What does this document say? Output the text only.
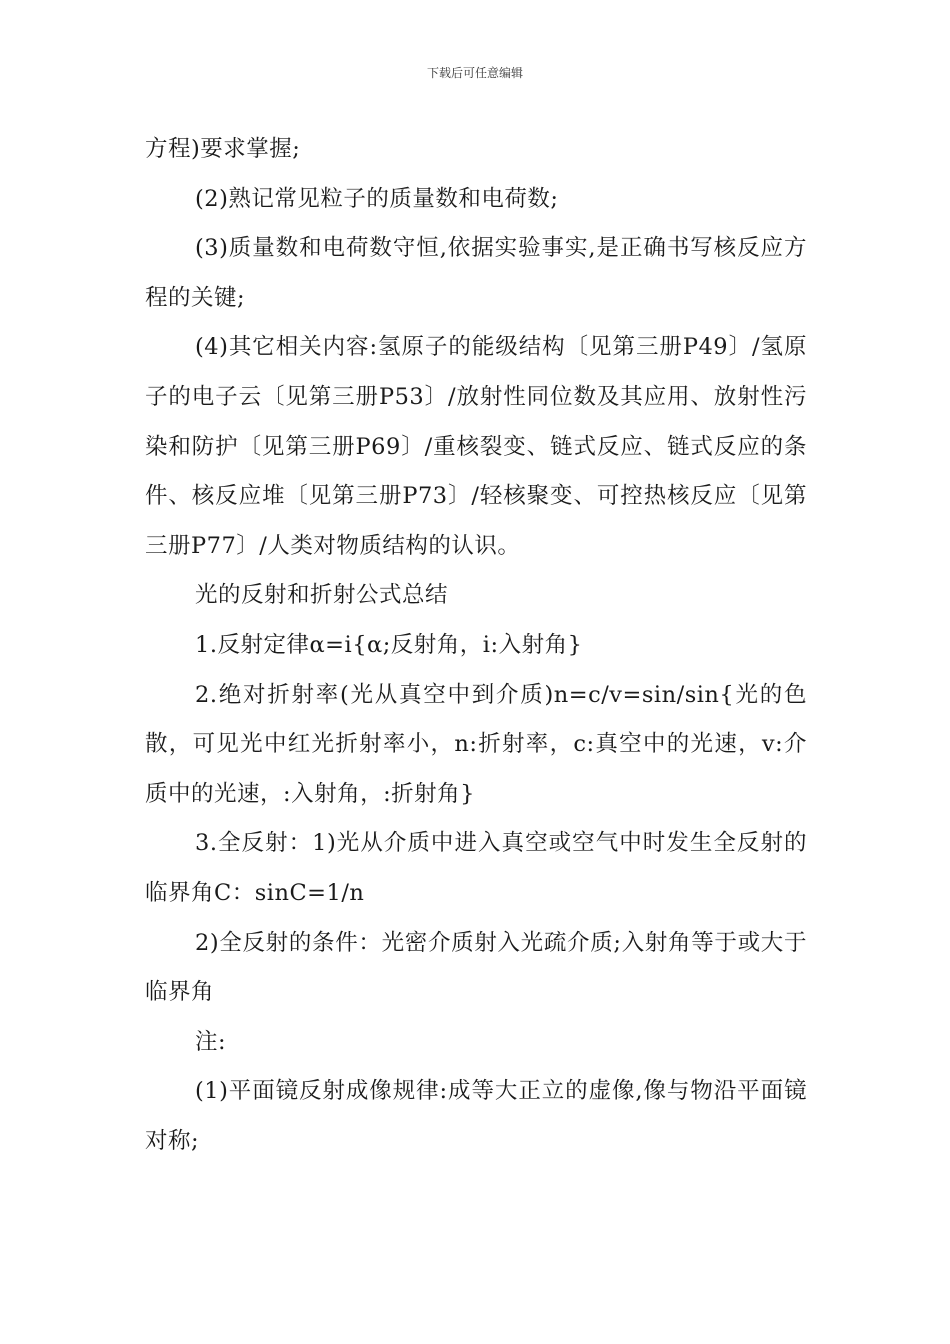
下载后可任意编辑

方程)要求掌握;

(2)熟记常见粒子的质量数和电荷数;

(3)质量数和电荷数守恒,依据实验事实,是正确书写核反应方程的关键;

(4)其它相关内容:氢原子的能级结构〔见第三册P49〕/氢原子的电子云〔见第三册P53〕/放射性同位数及其应用、放射性污染和防护〔见第三册P69〕/重核裂变、链式反应、链式反应的条件、核反应堆〔见第三册P73〕/轻核聚变、可控热核反应〔见第三册P77〕/人类对物质结构的认识。

光的反射和折射公式总结

1.反射定律α=i{α;反射角，i:入射角}

2.绝对折射率(光从真空中到介质)n=c/v=sin/sin{光的色散，可见光中红光折射率小，n:折射率，c:真空中的光速，v:介质中的光速，:入射角，:折射角}

3.全反射：1)光从介质中进入真空或空气中时发生全反射的临界角C：sinC=1/n

2)全反射的条件：光密介质射入光疏介质;入射角等于或大于临界角

注:

(1)平面镜反射成像规律:成等大正立的虚像,像与物沿平面镜对称;
